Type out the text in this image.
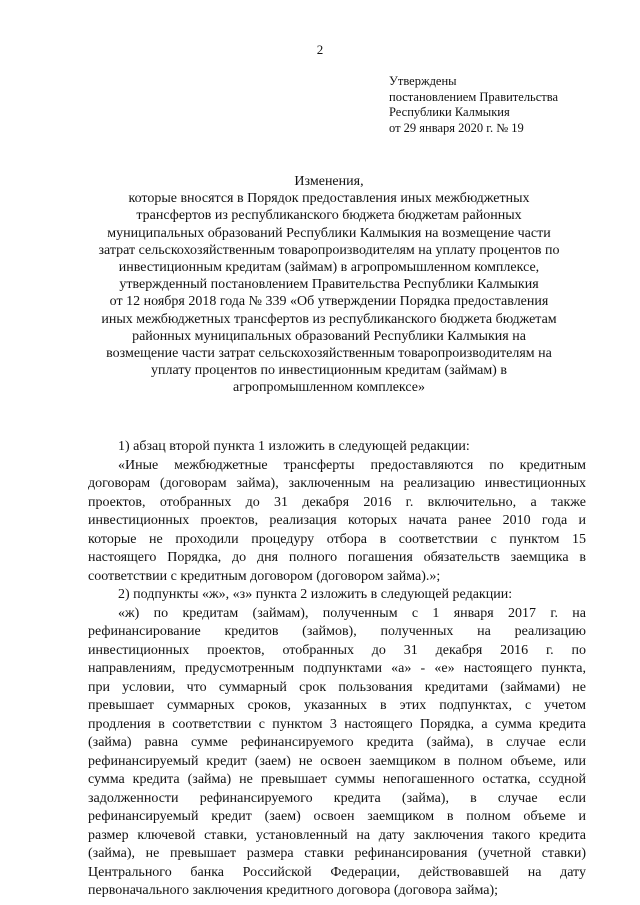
2
Утверждены
постановлением Правительства
Республики Калмыкия
от 29 января 2020 г. № 19
Изменения,
которые вносятся в Порядок предоставления иных межбюджетных
трансфертов из республиканского бюджета бюджетам районных
муниципальных образований Республики Калмыкия на возмещение части
затрат сельскохозяйственным товаропроизводителям на уплату процентов по
инвестиционным кредитам (займам) в агропромышленном комплексе,
утвержденный постановлением Правительства Республики Калмыкия
от 12 ноября 2018 года № 339 «Об утверждении Порядка предоставления
иных межбюджетных трансфертов из республиканского бюджета бюджетам
районных муниципальных образований Республики Калмыкия на
возмещение части затрат сельскохозяйственным товаропроизводителям на
уплату процентов по инвестиционным кредитам (займам) в
агропромышленном комплексе»
1) абзац второй пункта 1 изложить в следующей редакции:
«Иные межбюджетные трансферты предоставляются по кредитным
договорам (договорам займа), заключенным на реализацию инвестиционных
проектов, отобранных до 31 декабря 2016 г. включительно, а также
инвестиционных проектов, реализация которых начата ранее 2010 года и
которые не проходили процедуру отбора в соответствии с пунктом 15
настоящего Порядка, до дня полного погашения обязательств заемщика в
соответствии с кредитным договором (договором займа).»;
2) подпункты «ж», «з» пункта 2 изложить в следующей редакции:
«ж) по кредитам (займам), полученным с 1 января 2017 г. на
рефинансирование кредитов (займов), полученных на реализацию
инвестиционных проектов, отобранных до 31 декабря 2016 г. по
направлениям, предусмотренным подпунктами «а» - «е» настоящего пункта,
при условии, что суммарный срок пользования кредитами (займами) не
превышает суммарных сроков, указанных в этих подпунктах, с учетом
продления в соответствии с пунктом 3 настоящего Порядка, а сумма кредита
(займа) равна сумме рефинансируемого кредита (займа), в случае если
рефинансируемый кредит (заем) не освоен заемщиком в полном объеме, или
сумма кредита (займа) не превышает суммы непогашенного остатка, ссудной
задолженности рефинансируемого кредита (займа), в случае если
рефинансируемый кредит (заем) освоен заемщиком в полном объеме и
размер ключевой ставки, установленный на дату заключения такого кредита
(займа), не превышает размера ставки рефинансирования (учетной ставки)
Центрального банка Российской Федерации, действовавшей на дату
первоначального заключения кредитного договора (договора займа);
